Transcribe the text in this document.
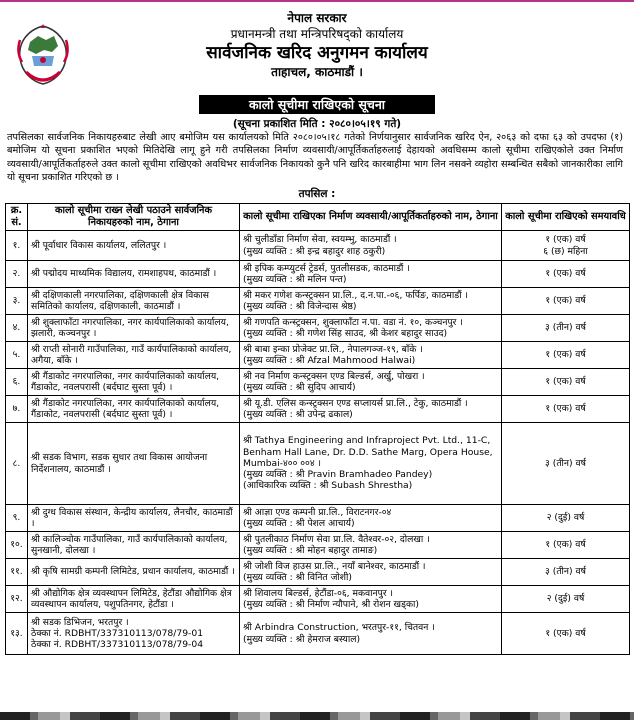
नेपाल सरकार
प्रधानमन्त्री तथा मन्त्रिपरिषद्को कार्यालय
सार्वजनिक खरिद अनुगमन कार्यालय
ताहाचल, काठमाडौं ।
कालो सूचीमा राखिएको सूचना
(सूचना प्रकाशित मिति : २०८०।०५।१९ गते)
तपसिलका सार्वजनिक निकायहरुबाट लेखी आए बमोजिम यस कार्यालयको मिति २०८०।०५।१८ गतेको निर्णयानुसार सार्वजनिक खरिद ऐन, २०६३ को दफा ६३ को उपदफा (१) बमोजिम यो सूचना प्रकाशित भएको मितिदेखि लागू हुने गरी तपसिलका निर्माण व्यवसायी/आपूर्तिकर्ताहरुलाई देहायको अवधिसम्म कालो सूचीमा राखिएकोले उक्त निर्माण व्यवसायी/आपूर्तिकर्ताहरुले उक्त कालो सूचीमा राखिएको अवधिभर सार्वजनिक निकायको कुनै पनि खरिद कारबाहीमा भाग लिन नसक्ने व्यहोरा सम्बन्धित सबैको जानकारीका लागि यो सूचना प्रकाशित गरिएको छ ।
तपसिल :
क्र. सं.	कालो सूचीमा राख्न लेखी पठाउने सार्वजनिक निकायहरुको नाम, ठेगाना	कालो सूचीमा राखिएका निर्माण व्यवसायी/आपूर्तिकर्ताहरुको नाम, ठेगाना	कालो सूचीमा राखिएको समयावधि
१.	श्री पूर्वाधार विकास कार्यालय, ललितपुर ।	श्री चुलीडाँडा निर्माण सेवा, स्वयम्भु, काठमाडौं ।
(मुख्य व्यक्ति : श्री इन्द्र बहादुर शाह ठकुरी)	१ (एक) वर्ष
६ (छ) महिना
२.	श्री पद्मोदय माध्यमिक विद्यालय, रामशाहपथ, काठमाडौं ।	श्री इपिक कम्प्युटर्स ट्रेडर्स, पुतलीसडक, काठमाडौं ।
(मुख्य व्यक्ति : श्री मलिन पन्त)	१ (एक) वर्ष
३.	श्री दक्षिणकाली नगरपालिका, दक्षिणकाली क्षेत्र विकास समितिको कार्यालय, दक्षिणकाली, काठमाडौं ।	श्री मकर गणेश कन्स्ट्रक्सन प्रा.लि., द.न.पा.-०६, फर्पिङ, काठमाडौं ।
(मुख्य व्यक्ति : श्री विजेन्दास श्रेष्ठ)	१ (एक) वर्ष
४.	श्री शुक्लाफाँटा नगरपालिका, नगर कार्यपालिकाको कार्यालय, झलारी, कञ्चनपुर ।	श्री गणपति कन्स्ट्रक्सन, शुक्लाफाँटा न.पा. वडा नं. १०, कञ्चनपुर ।
(मुख्य व्यक्ति : श्री गणेश सिंह साउद, श्री केशर बहादुर साउद)	३ (तीन) वर्ष
५.	श्री राप्ती सोनारी गाउँपालिका, गाउँ कार्यपालिकाको कार्यालय, अगैया, बाँके ।	श्री बाबा इन्का प्रोजेक्ट प्रा.लि., नेपालगञ्ज-१९, बाँके ।
(मुख्य व्यक्ति : श्री Afzal Mahmood Halwai)	१ (एक) वर्ष
६.	श्री गैंडाकोट नगरपालिका, नगर कार्यपालिकाको कार्यालय, गैंडाकोट, नवलपरासी (बर्दघाट सुस्ता पूर्व) ।	श्री नव निर्माण कन्स्ट्रक्सन एण्ड बिल्डर्स, अर्खु, पोखरा ।
(मुख्य व्यक्ति : श्री सुदिप आचार्य)	१ (एक) वर्ष
७.	श्री गैंडाकोट नगरपालिका, नगर कार्यपालिकाको कार्यालय, गैंडाकोट, नवलपरासी (बर्दघाट सुस्ता पूर्व) ।	श्री यू.डी. एलिस कन्स्ट्रक्सन एण्ड सप्लायर्स प्रा.लि., टेकु, काठमाडौं ।
(मुख्य व्यक्ति : श्री उपेन्द्र ढकाल)	१ (एक) वर्ष
८.	श्री सडक विभाग, सडक सुधार तथा विकास आयोजना निर्देशनालय, काठमाडौं ।	श्री Tathya Engineering and Infraproject Pvt. Ltd., 11-C, Benham Hall Lane, Dr. D.D. Sathe Marg, Opera House, Mumbai-४०० ००४ ।
(मुख्य व्यक्ति : श्री Pravin Bramhadeo Pandey)
(आधिकारिक व्यक्ति : श्री Subash Shrestha)	३ (तीन) वर्ष
९.	श्री दुग्ध विकास संस्थान, केन्द्रीय कार्यालय, लैनचौर, काठमाडौं ।	श्री आज्ञा एण्ड कम्पनी प्रा.लि., विराटनगर-०४
(मुख्य व्यक्ति : श्री पेशल आचार्य)	२ (दुई) वर्ष
१०.	श्री कालिञ्चोक गाउँपालिका, गाउँ कार्यपालिकाको कार्यालय, सुनखानी, दोलखा ।	श्री पुतलीकाठ निर्माण सेवा प्रा.लि. वैतेश्वर-०२, दोलखा ।
(मुख्य व्यक्ति : श्री मोहन बहादुर तामाङ)	१ (एक) वर्ष
११.	श्री कृषि सामग्री कम्पनी लिमिटेड, प्रधान कार्यालय, काठमाडौं ।	श्री जोशी विज हाउस प्रा.लि., नयाँ बानेश्वर, काठमाडौं ।
(मुख्य व्यक्ति : श्री विनित जोशी)	३ (तीन) वर्ष
१२.	श्री औद्योगिक क्षेत्र व्यवस्थापन लिमिटेड, हेटौंडा औद्योगिक क्षेत्र व्यवस्थापन कार्यालय, पशुपतिनगर, हेटौंडा ।	श्री शिवालय बिल्डर्स, हेटौंडा-०६, मकवानपुर ।
(मुख्य व्यक्ति : श्री निर्माण न्यौपाने, श्री रोशन खड्का)	२ (दुई) वर्ष
१३.	श्री सडक डिभिजन, भरतपुर ।
ठेक्का नं. RDBHT/337310113/078/79-01
ठेक्का नं. RDBHT/337310113/078/79-04	श्री Arbindra Construction, भरतपुर-११, चितवन ।
(मुख्य व्यक्ति : श्री हेमराज बस्याल)	१ (एक) वर्ष
